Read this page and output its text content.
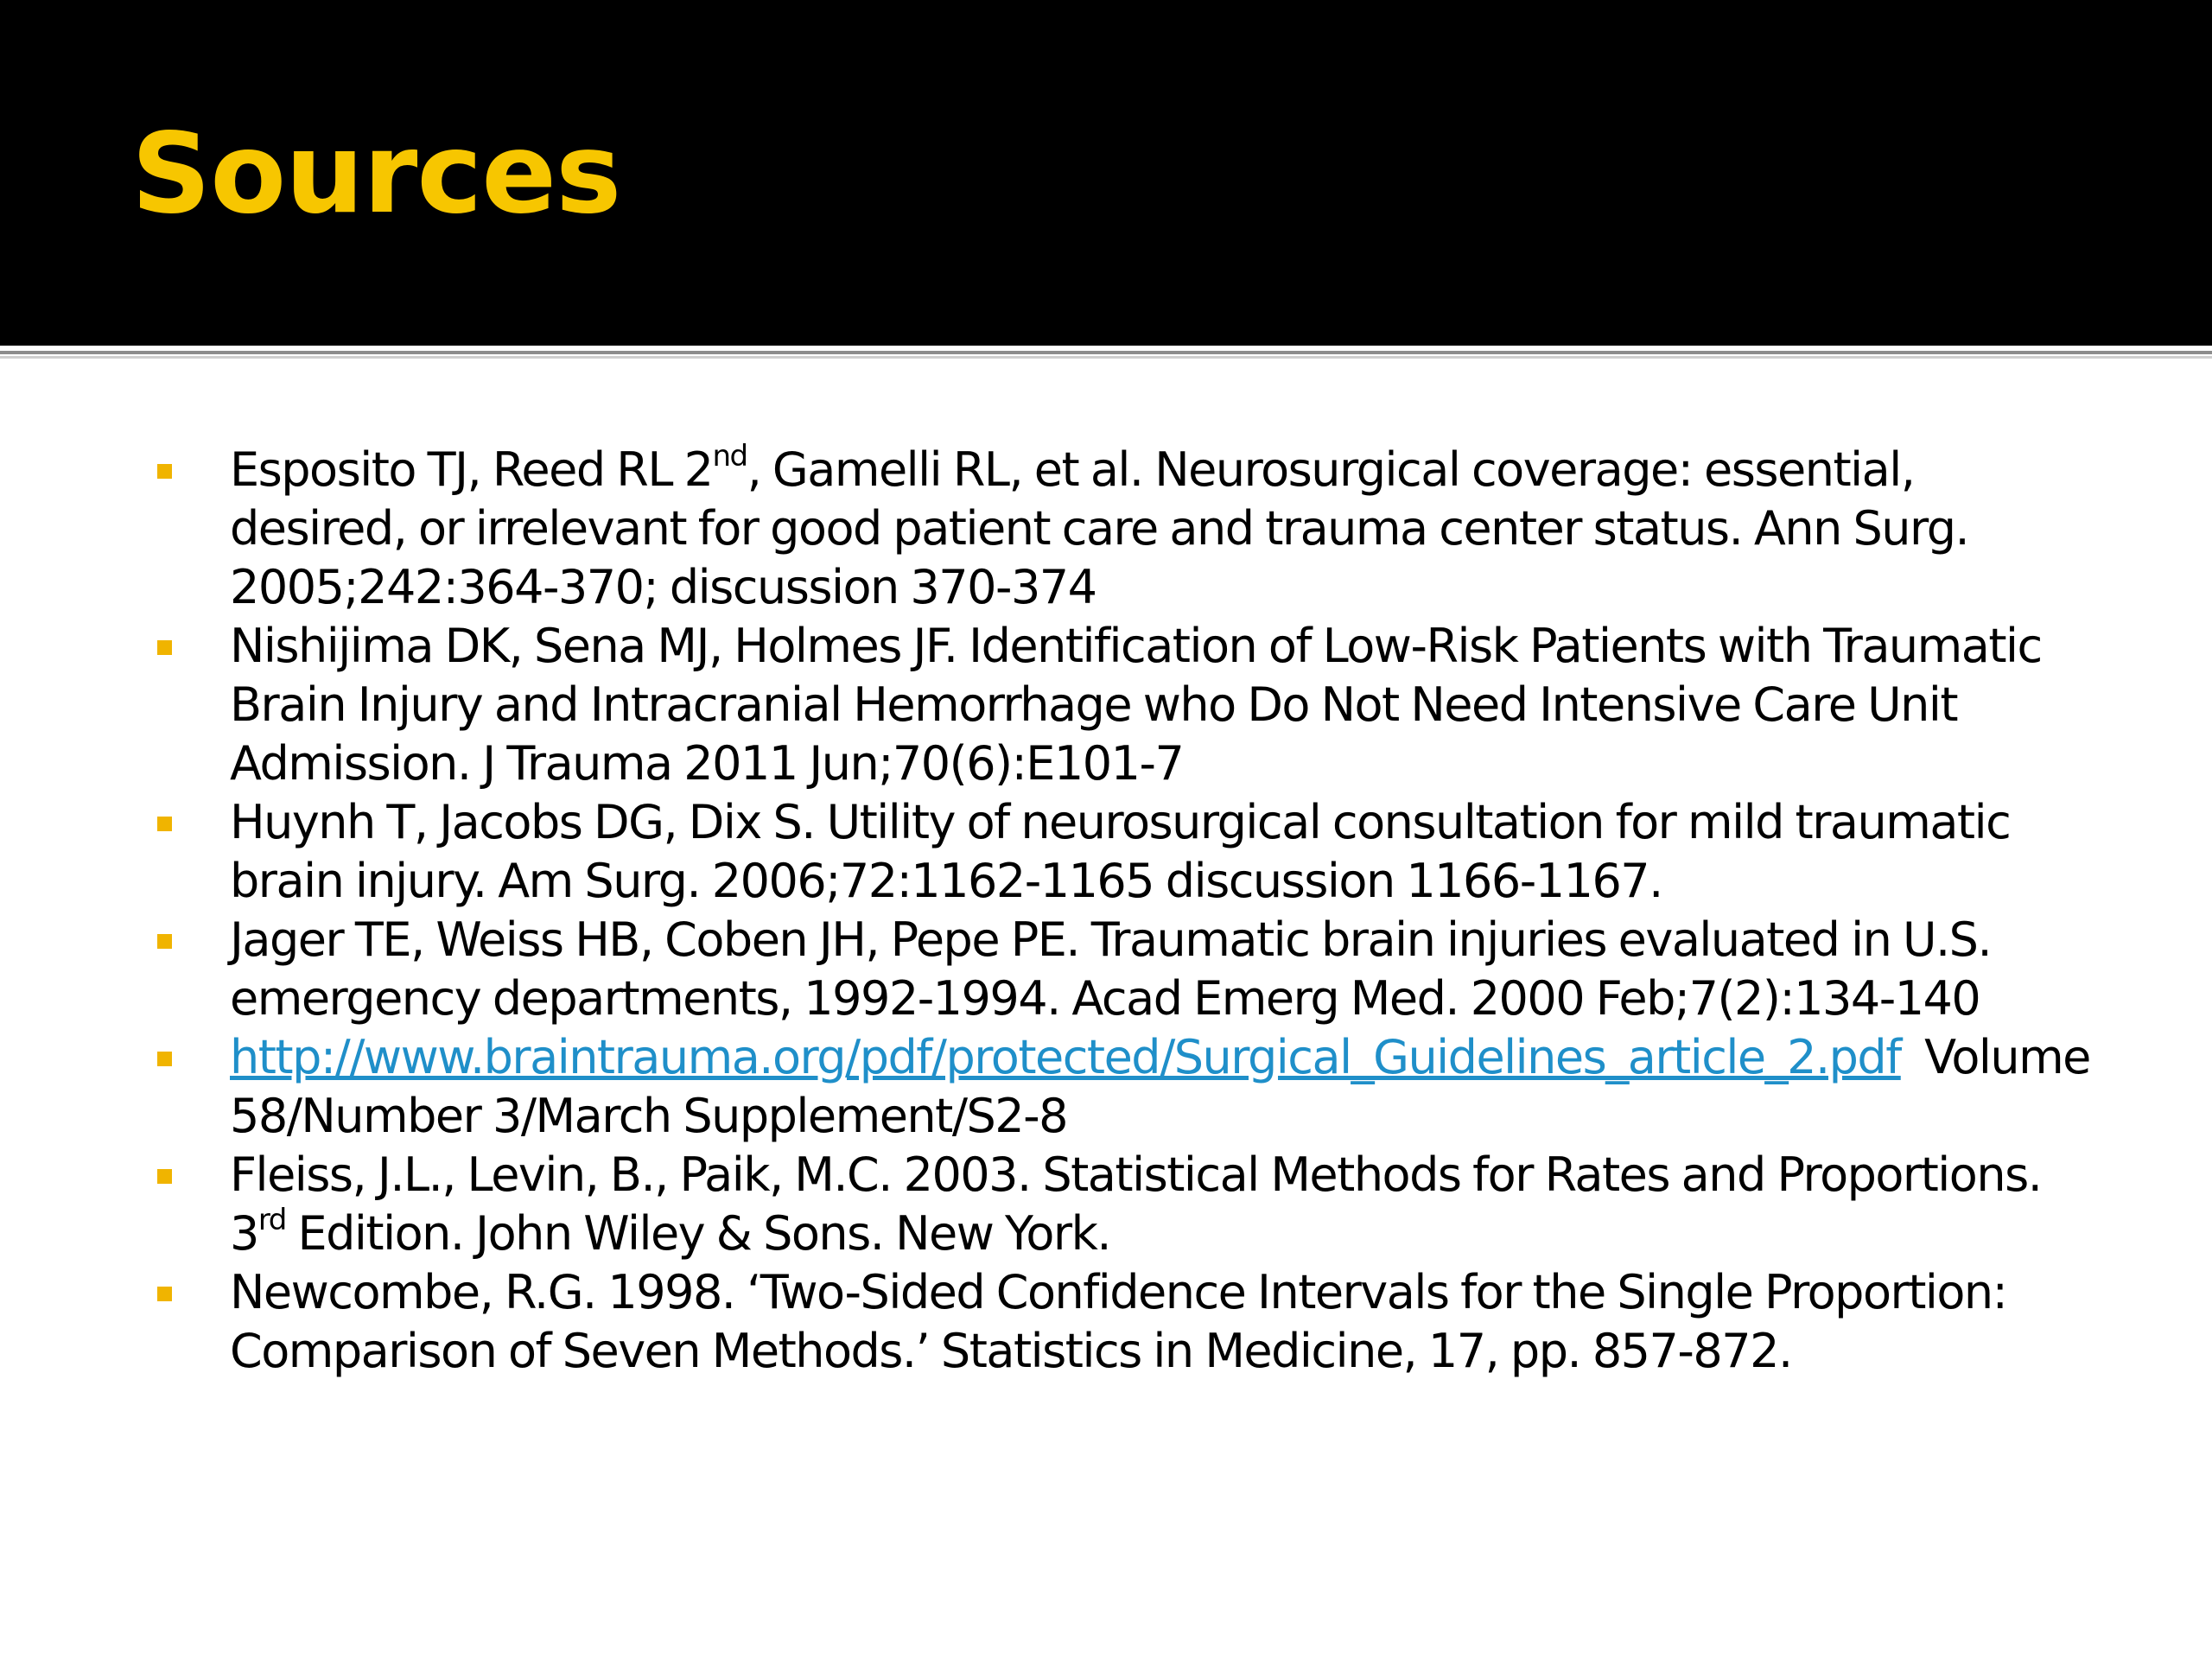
Sources
Esposito TJ, Reed RL 2nd, Gamelli RL, et al. Neurosurgical coverage: essential, desired, or irrelevant for good patient care and trauma center status. Ann Surg. 2005;242:364-370; discussion 370-374
Nishijima DK, Sena MJ, Holmes JF. Identification of Low-Risk Patients with Traumatic Brain Injury and Intracranial Hemorrhage who Do Not Need Intensive Care Unit Admission. J Trauma 2011 Jun;70(6):E101-7
Huynh T, Jacobs DG, Dix S. Utility of neurosurgical consultation for mild traumatic brain injury. Am Surg. 2006;72:1162-1165 discussion 1166-1167.
Jager TE, Weiss HB, Coben JH, Pepe PE. Traumatic brain injuries evaluated in U.S. emergency departments, 1992-1994. Acad Emerg Med. 2000 Feb;7(2):134-140
http://www.braintrauma.org/pdf/protected/Surgical_Guidelines_article_2.pdf  Volume 58/Number 3/March Supplement/S2-8
Fleiss, J.L., Levin, B., Paik, M.C. 2003. Statistical Methods for Rates and Proportions. 3rd Edition. John Wiley & Sons. New York.
Newcombe, R.G. 1998. ‘Two-Sided Confidence Intervals for the Single Proportion: Comparison of Seven Methods.’ Statistics in Medicine, 17, pp. 857-872.
